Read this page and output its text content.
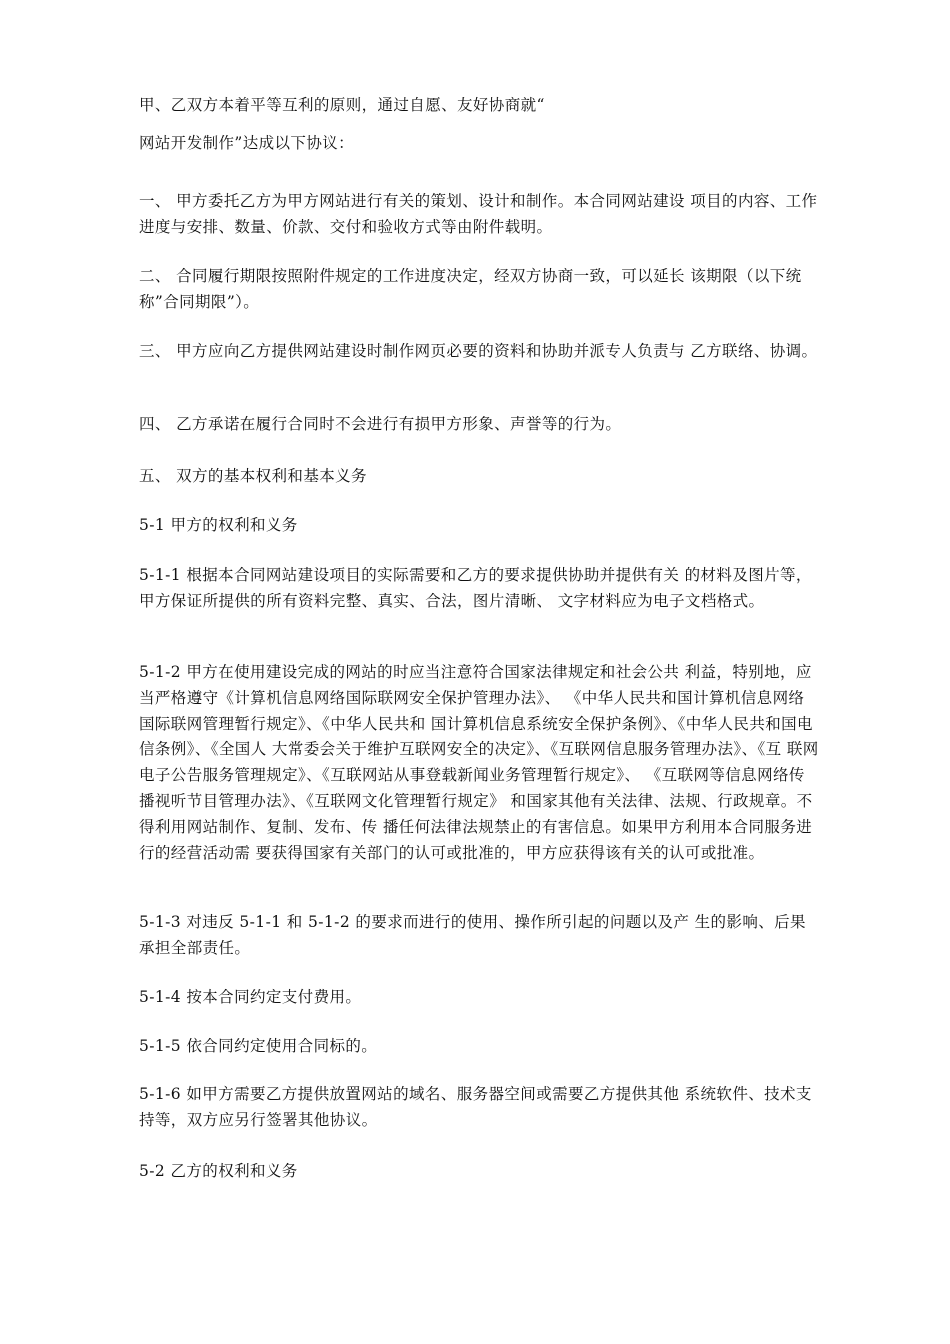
甲、乙双方本着平等互利的原则，通过自愿、友好协商就“

网站开发制作”达成以下协议：

一、 甲方委托乙方为甲方网站进行有关的策划、设计和制作。本合同网站建设 项目的内容、工作进度与安排、数量、价款、交付和验收方式等由附件载明。

二、 合同履行期限按照附件规定的工作进度决定，经双方协商一致，可以延长 该期限（以下统称”合同期限”）。

三、 甲方应向乙方提供网站建设时制作网页必要的资料和协助并派专人负责与 乙方联络、协调。

四、 乙方承诺在履行合同时不会进行有损甲方形象、声誉等的行为。

五、 双方的基本权利和基本义务

5-1 甲方的权利和义务

5-1-1 根据本合同网站建设项目的实际需要和乙方的要求提供协助并提供有关 的材料及图片等，甲方保证所提供的所有资料完整、真实、合法，图片清晰、 文字材料应为电子文档格式。

5-1-2 甲方在使用建设完成的网站的时应当注意符合国家法律规定和社会公共 利益，特别地，应当严格遵守《计算机信息网络国际联网安全保护管理办法》、 《中华人民共和国计算机信息网络国际联网管理暂行规定》、《中华人民共和 国计算机信息系统安全保护条例》、《中华人民共和国电信条例》、《全国人 大常委会关于维护互联网安全的决定》、《互联网信息服务管理办法》、《互 联网电子公告服务管理规定》、《互联网站从事登载新闻业务管理暂行规定》、 《互联网等信息网络传播视听节目管理办法》、《互联网文化管理暂行规定》 和国家其他有关法律、法规、行政规章。不得利用网站制作、复制、发布、传 播任何法律法规禁止的有害信息。如果甲方利用本合同服务进行的经营活动需 要获得国家有关部门的认可或批准的，甲方应获得该有关的认可或批准。

5-1-3 对违反 5-1-1 和 5-1-2 的要求而进行的使用、操作所引起的问题以及产 生的影响、后果承担全部责任。

5-1-4 按本合同约定支付费用。

5-1-5 依合同约定使用合同标的。

5-1-6 如甲方需要乙方提供放置网站的域名、服务器空间或需要乙方提供其他 系统软件、技术支持等，双方应另行签署其他协议。

5-2 乙方的权利和义务
